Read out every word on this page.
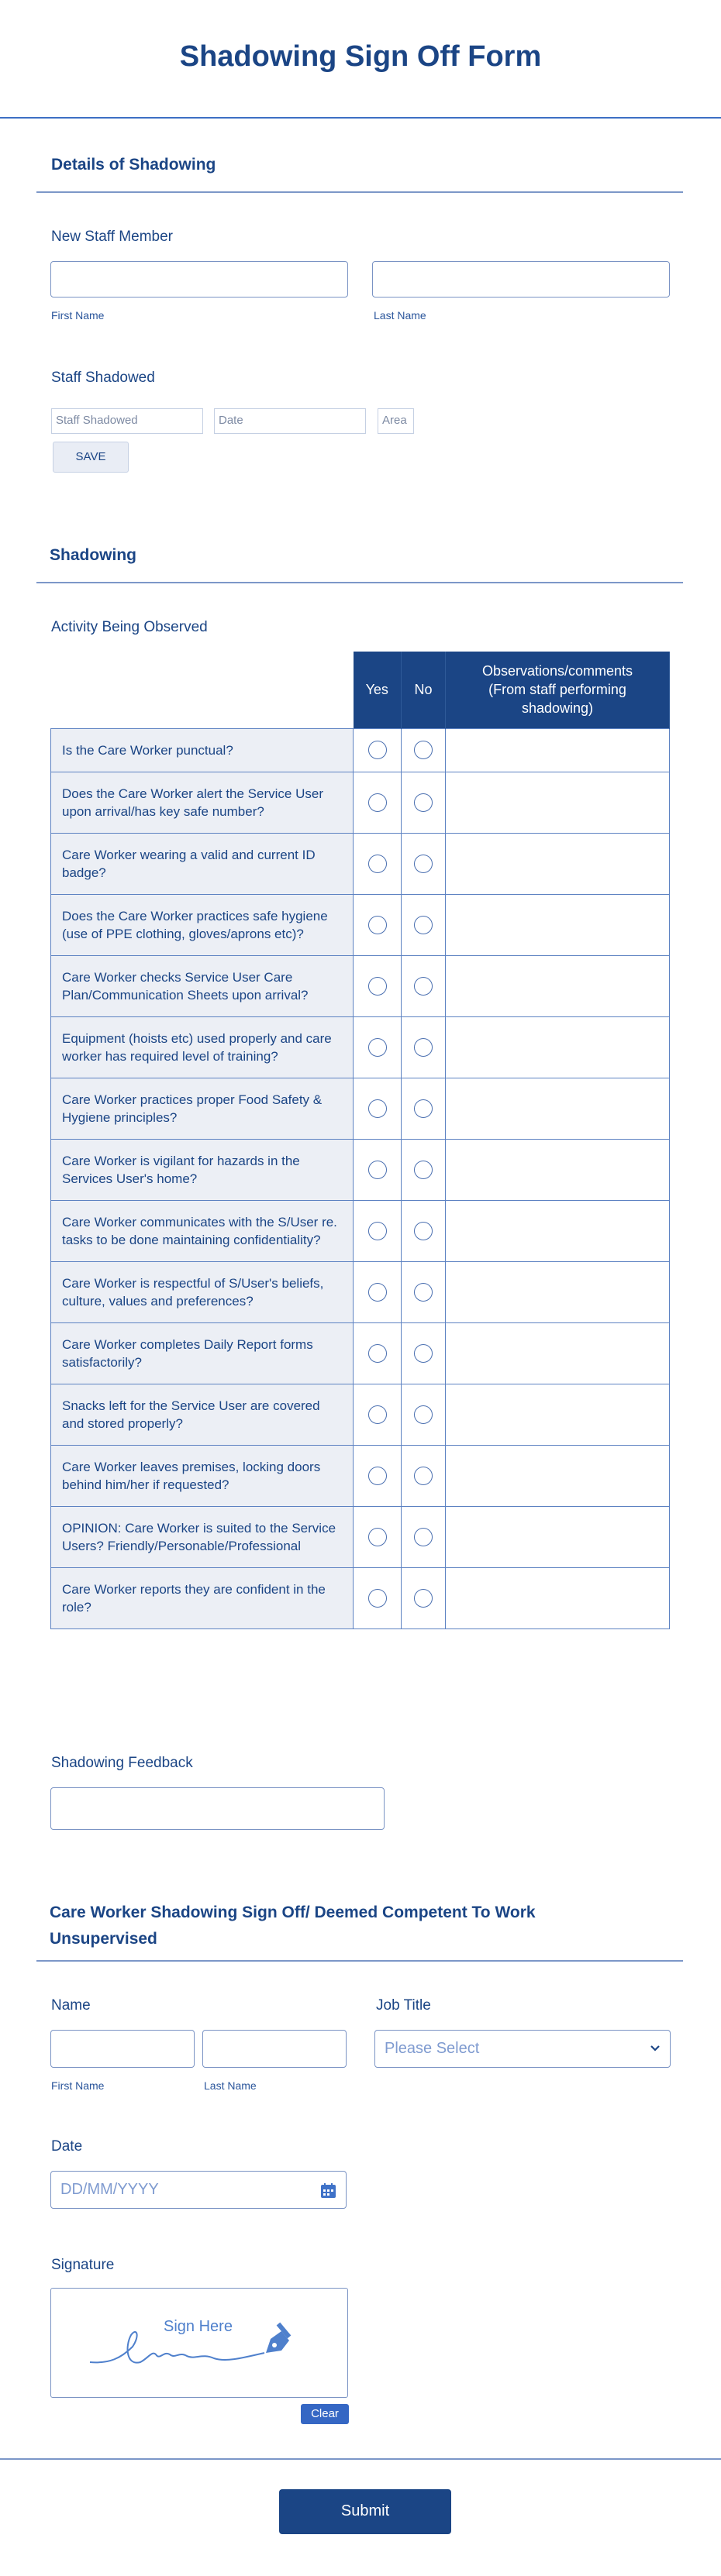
Shadowing Sign Off Form
Details of Shadowing
New Staff Member
First Name	Last Name
Staff Shadowed
Staff Shadowed	Date	Area
SAVE
Shadowing
Activity Being Observed
	Yes	No	Observations/comments (From staff performing shadowing)
Is the Care Worker punctual?			
Does the Care Worker alert the Service User upon arrival/has key safe number?			
Care Worker wearing a valid and current ID badge?			
Does the Care Worker practices safe hygiene (use of PPE clothing, gloves/aprons etc)?			
Care Worker checks Service User Care Plan/Communication Sheets upon arrival?			
Equipment (hoists etc) used properly and care worker has required level of training?			
Care Worker practices proper Food Safety & Hygiene principles?			
Care Worker is vigilant for hazards in the Services User's home?			
Care Worker communicates with the S/User re. tasks to be done maintaining confidentiality?			
Care Worker is respectful of S/User's beliefs, culture, values and preferences?			
Care Worker completes Daily Report forms satisfactorily?			
Snacks left for the Service User are covered and stored properly?			
Care Worker leaves premises, locking doors behind him/her if requested?			
OPINION: Care Worker is suited to the Service Users? Friendly/Personable/Professional			
Care Worker reports they are confident in the role?			
Shadowing Feedback
Care Worker Shadowing Sign Off/ Deemed Competent To Work Unsupervised
Name
First Name	Last Name
Job Title
Please Select
Date
DD/MM/YYYY
Signature
Sign Here
Clear
Submit
